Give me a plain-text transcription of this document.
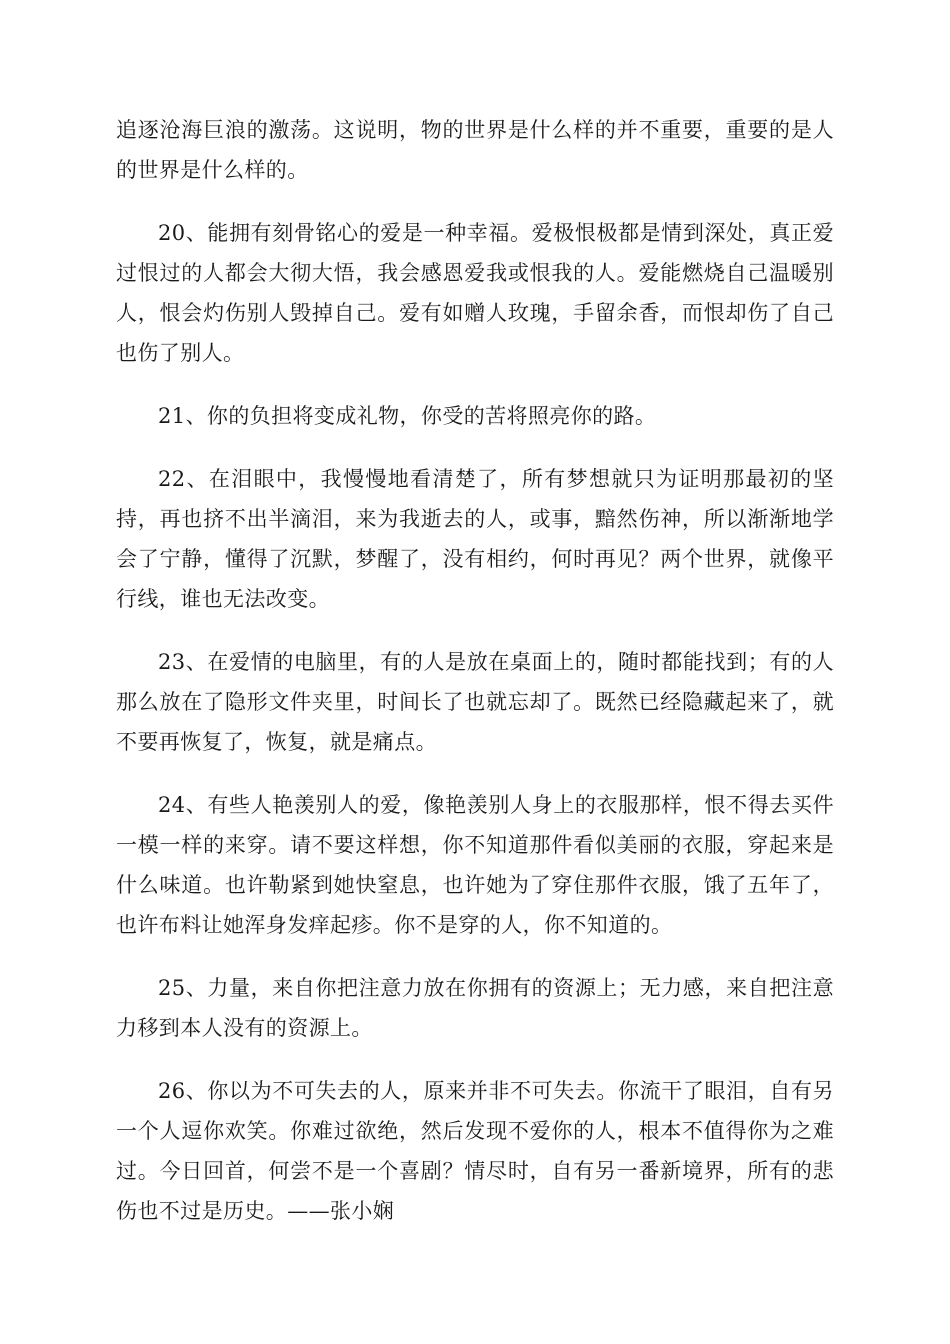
追逐沧海巨浪的激荡。这说明，物的世界是什么样的并不重要，重要的是人的世界是什么样的。

20、能拥有刻骨铭心的爱是一种幸福。爱极恨极都是情到深处，真正爱过恨过的人都会大彻大悟，我会感恩爱我或恨我的人。爱能燃烧自己温暖别人，恨会灼伤别人毁掉自己。爱有如赠人玫瑰，手留余香，而恨却伤了自己也伤了别人。

21、你的负担将变成礼物，你受的苦将照亮你的路。

22、在泪眼中，我慢慢地看清楚了，所有梦想就只为证明那最初的坚持，再也挤不出半滴泪，来为我逝去的人，或事，黯然伤神，所以渐渐地学会了宁静，懂得了沉默，梦醒了，没有相约，何时再见？两个世界，就像平行线，谁也无法改变。

23、在爱情的电脑里，有的人是放在桌面上的，随时都能找到；有的人那么放在了隐形文件夹里，时间长了也就忘却了。既然已经隐藏起来了，就不要再恢复了，恢复，就是痛点。

24、有些人艳羡别人的爱，像艳羡别人身上的衣服那样，恨不得去买件一模一样的来穿。请不要这样想，你不知道那件看似美丽的衣服，穿起来是什么味道。也许勒紧到她快窒息，也许她为了穿住那件衣服，饿了五年了，也许布料让她浑身发痒起疹。你不是穿的人，你不知道的。

25、力量，来自你把注意力放在你拥有的资源上；无力感，来自把注意力移到本人没有的资源上。

26、你以为不可失去的人，原来并非不可失去。你流干了眼泪，自有另一个人逗你欢笑。你难过欲绝，然后发现不爱你的人，根本不值得你为之难过。今日回首，何尝不是一个喜剧？情尽时，自有另一番新境界，所有的悲伤也不过是历史。——张小娴
